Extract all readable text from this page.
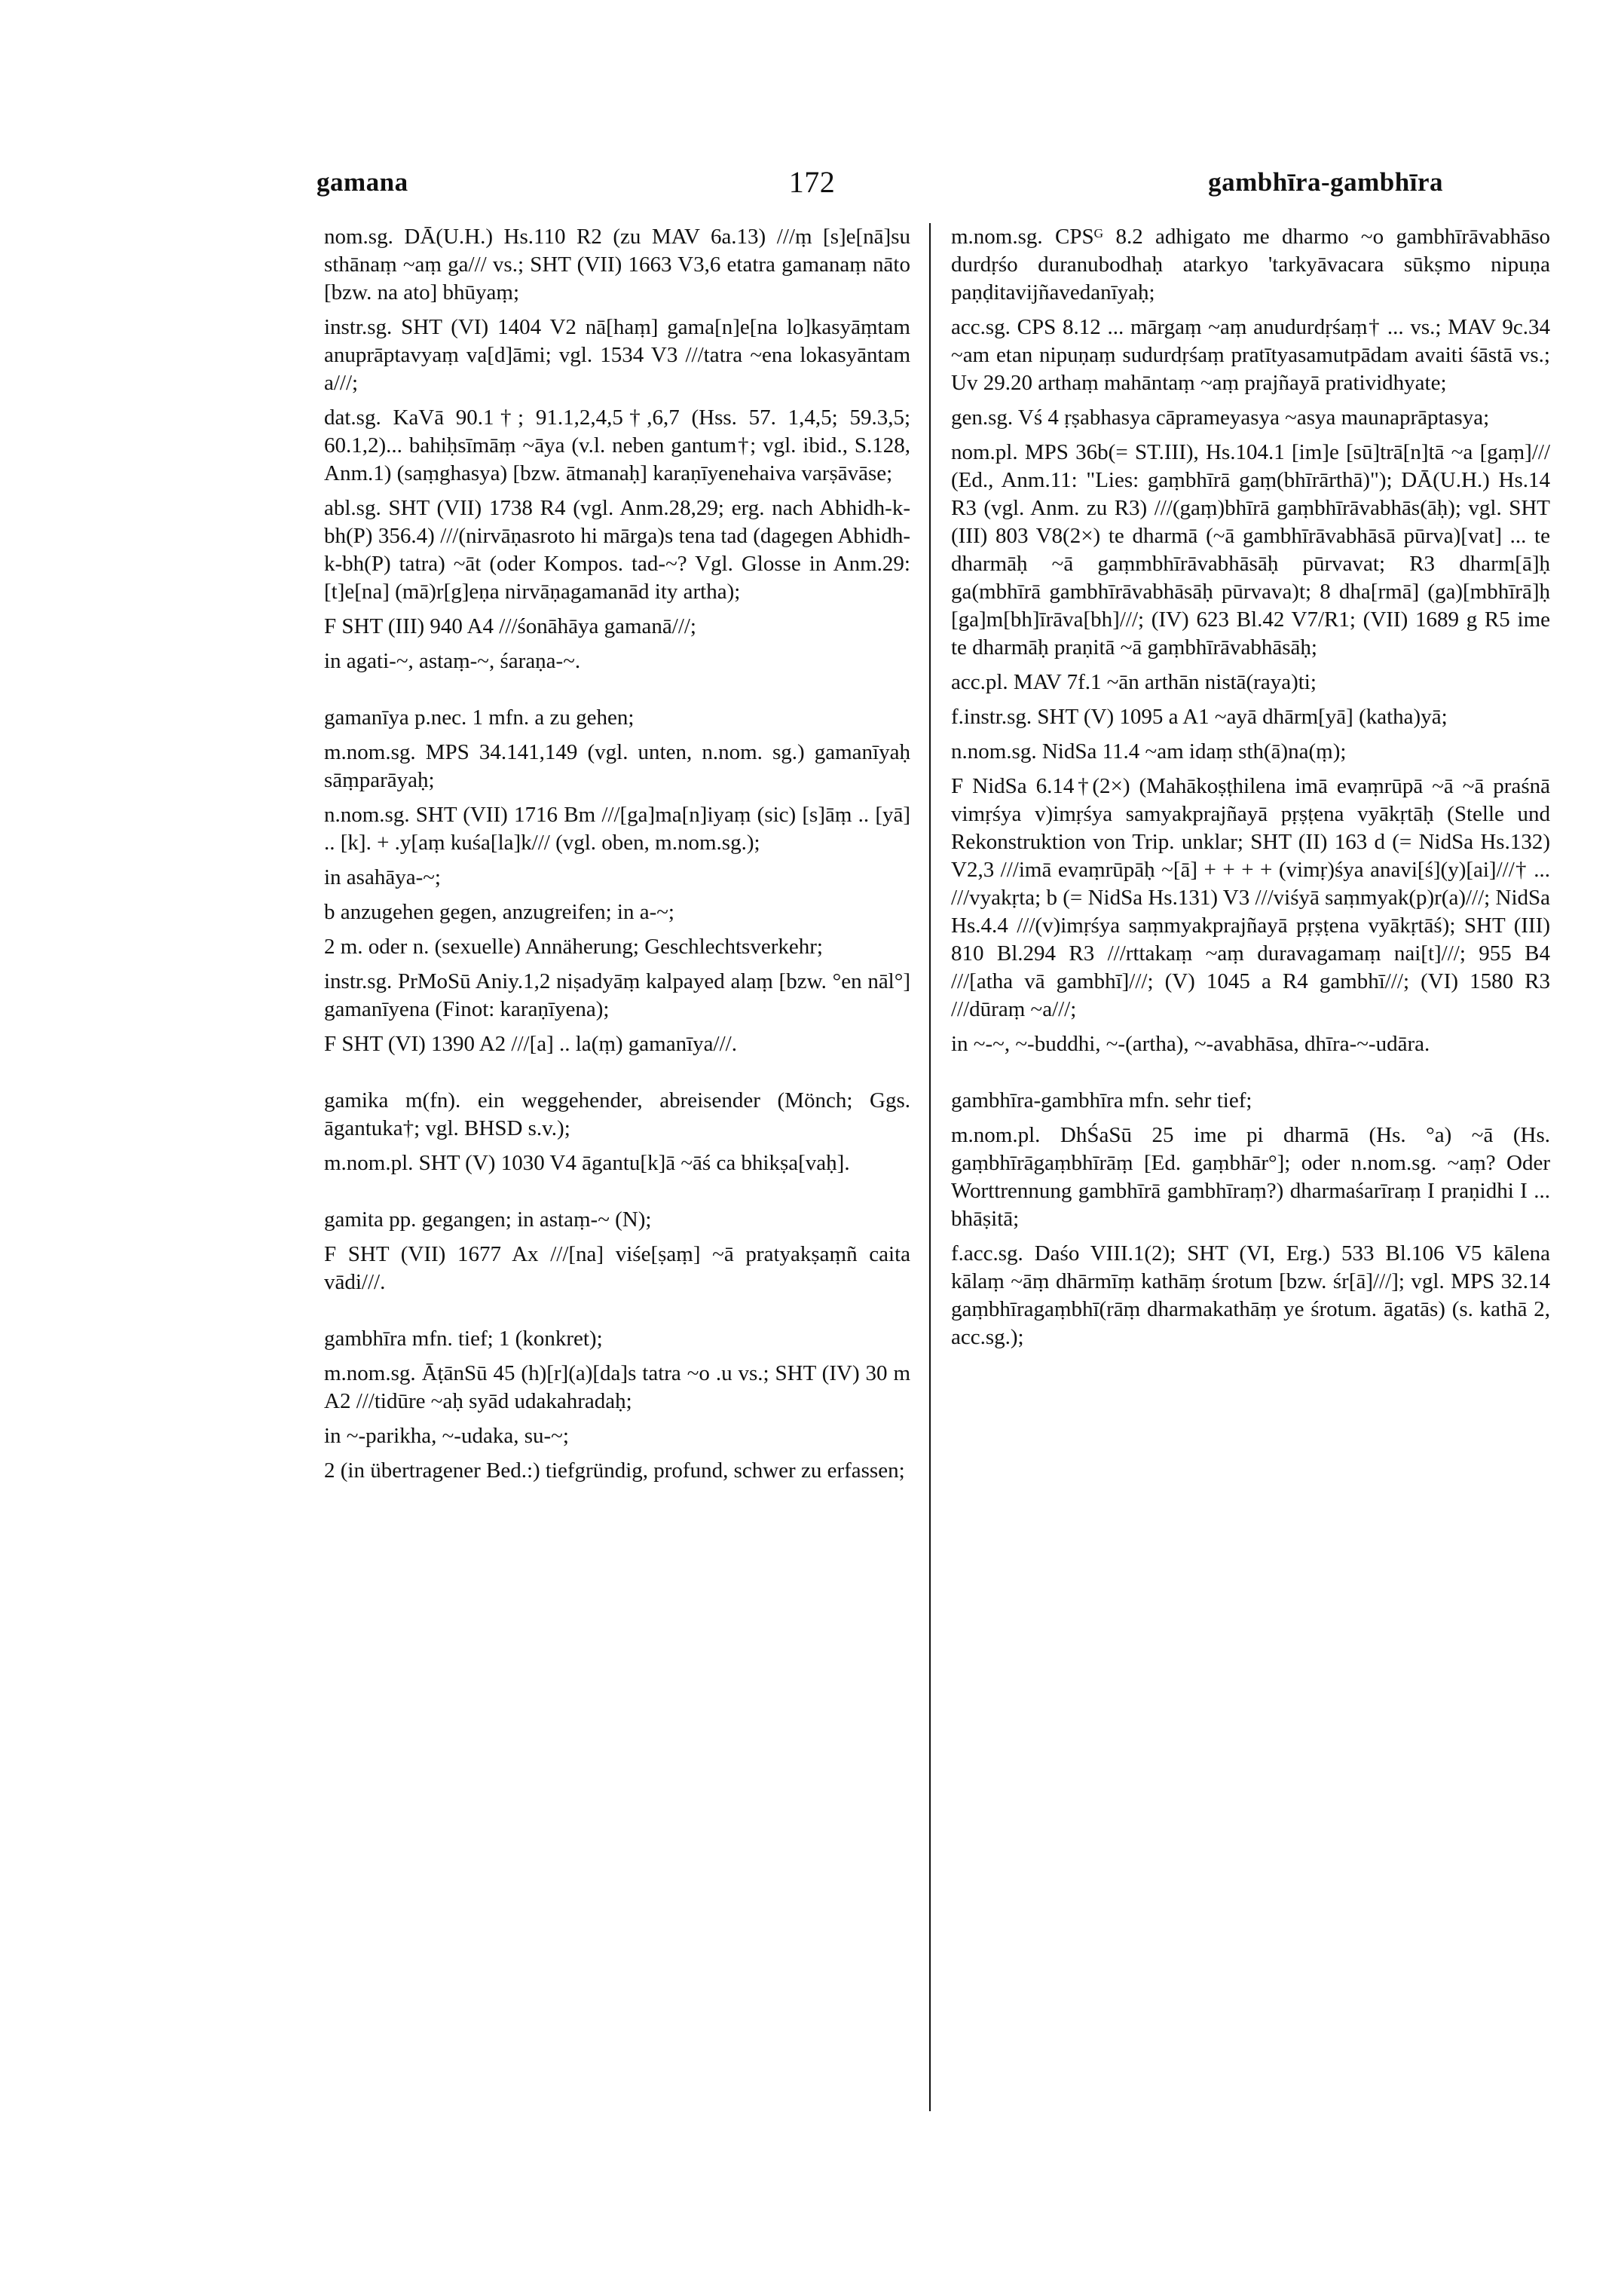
gamana	172	gambhīra-gambhīra

nom.sg. DĀ(U.H.) Hs.110 R2 (zu MAV 6a.13) ///ṃ [s]e[nā]su sthānaṃ ~aṃ ga/// vs.; SHT (VII) 1663 V3,6 etatra gamanaṃ nāto [bzw. na ato] bhūyaṃ;

instr.sg. SHT (VI) 1404 V2 nā[haṃ] gama[n]e[na lo]kasyāṃtam anuprāptavyaṃ va[d]āmi; vgl. 1534 V3 ///tatra ~ena lokasyāntam a///;

dat.sg. KaVā 90.1†; 91.1,2,4,5†,6,7 (Hss. 57. 1,4,5; 59.3,5; 60.1,2)... bahiḥsīmāṃ ~āya (v.l. neben gantum†; vgl. ibid., S.128, Anm.1) (saṃghasya) [bzw. ātmanaḥ] karaṇīyenehaiva varṣāvāse;

abl.sg. SHT (VII) 1738 R4 (vgl. Anm.28,29; erg. nach Abhidh-k-bh(P) 356.4) ///(nirvāṇasroto hi mārga)s tena tad (dagegen Abhidh-k-bh(P) tatra) ~āt (oder Kompos. tad-~? Vgl. Glosse in Anm.29: [t]e[na] (mā)r[g]eṇa nirvāṇagamanād ity artha);

F SHT (III) 940 A4 ///śonāhāya gamanā///;

in agati-~, astaṃ-~, śaraṇa-~.

gamanīya p.nec. 1 mfn. a zu gehen;

m.nom.sg. MPS 34.141,149 (vgl. unten, n.nom. sg.) gamanīyaḥ sāṃparāyaḥ;

n.nom.sg. SHT (VII) 1716 Bm ///[ga]ma[n]iyaṃ (sic) [s]āṃ .. [yā] .. [k]. + .y[aṃ kuśa[la]k/// (vgl. oben, m.nom.sg.);

in asahāya-~;

b anzugehen gegen, anzugreifen; in a-~;

2 m. oder n. (sexuelle) Annäherung; Geschlechtsverkehr;

instr.sg. PrMoSū Aniy.1,2 niṣadyāṃ kalpayed alaṃ [bzw. °en nāl°] gamanīyena (Finot: karaṇīyena);

F SHT (VI) 1390 A2 ///[a] .. la(ṃ) gamanīya///.

gamika m(fn). ein weggehender, abreisender (Mönch; Ggs. āgantuka†; vgl. BHSD s.v.);

m.nom.pl. SHT (V) 1030 V4 āgantu[k]ā ~āś ca bhikṣa[vaḥ].

gamita pp. gegangen; in astaṃ-~ (N);

F SHT (VII) 1677 Ax ///[na] viśe[ṣaṃ] ~ā pratyakṣaṃñ caita vādi///.

gambhīra mfn. tief; 1 (konkret);

m.nom.sg. ĀṭānSū 45 (h)[r](a)[da]s tatra ~o .u vs.; SHT (IV) 30 m A2 ///tidūre ~aḥ syād udakahradaḥ;

in ~-parikha, ~-udaka, su-~;

2 (in übertragener Bed.:) tiefgründig, profund, schwer zu erfassen;

m.nom.sg. CPSᴳ 8.2 adhigato me dharmo ~o gambhīrāvabhāso durdṛśo duranubodhaḥ atarkyo 'tarkyāvacara sūkṣmo nipuṇa paṇḍitavijñavedanīyaḥ;

acc.sg. CPS 8.12 ... mārgaṃ ~aṃ anudurdṛśaṃ† ... vs.; MAV 9c.34 ~am etan nipuṇaṃ sudurdṛśaṃ pratītyasamutpādam avaiti śāstā vs.; Uv 29.20 arthaṃ mahāntaṃ ~aṃ prajñayā pratividhyate;

gen.sg. Vś 4 ṛṣabhasya cāprameyasya ~asya maunaprāptasya;

nom.pl. MPS 36b(= ST.III), Hs.104.1 [im]e [sū]trā[n]tā ~a [gaṃ]/// (Ed., Anm.11: "Lies: gaṃbhīrā gaṃ(bhīrārthā)"); DĀ(U.H.) Hs.14 R3 (vgl. Anm. zu R3) ///(gaṃ)bhīrā gaṃbhīrāvabhās(āḥ); vgl. SHT (III) 803 V8(2×) te dharmā (~ā gambhīrāvabhāsā pūrva)[vat] ... te dharmāḥ ~ā gaṃmbhīrāvabhāsāḥ pūrvavat; R3 dharm[ā]ḥ ga(mbhīrā gambhīrāvabhāsāḥ pūrvava)t; 8 dha[rmā] (ga)[mbhīrā]ḥ [ga]m[bh]īrāva[bh]///; (IV) 623 Bl.42 V7/R1; (VII) 1689 g R5 ime te dharmāḥ praṇitā ~ā gaṃbhīrāvabhāsāḥ;

acc.pl. MAV 7f.1 ~ān arthān nistā(raya)ti;

f.instr.sg. SHT (V) 1095 a A1 ~ayā dhārm[yā] (katha)yā;

n.nom.sg. NidSa 11.4 ~am idaṃ sth(ā)na(ṃ);

F NidSa 6.14†(2×) (Mahākoṣṭhilena imā evaṃrūpā ~ā ~ā praśnā vimṛśya v)imṛśya samyakprajñayā pṛṣṭena vyākṛtāḥ (Stelle und Rekonstruktion von Trip. unklar; SHT (II) 163 d (= NidSa Hs.132) V2,3 ///imā evaṃrūpāḥ ~[ā] + + + + (vimṛ)śya anavi[ś](y)[ai]///† ... ///vyakṛta; b (= NidSa Hs.131) V3 ///viśyā saṃmyak(p)r(a)///; NidSa Hs.4.4 ///(v)imṛśya saṃmyakprajñayā pṛṣṭena vyākṛtāś); SHT (III) 810 Bl.294 R3 ///rttakaṃ ~aṃ duravagamaṃ nai[t]///; 955 B4 ///[atha vā gambhī]///; (V) 1045 a R4 gambhī///; (VI) 1580 R3 ///dūraṃ ~a///;

in ~-~, ~-buddhi, ~-(artha), ~-avabhāsa, dhīra-~-udāra.

gambhīra-gambhīra mfn. sehr tief;

m.nom.pl. DhŚaSū 25 ime pi dharmā (Hs. °a) ~ā (Hs. gaṃbhīrāgaṃbhīrāṃ [Ed. gaṃbhār°]; oder n.nom.sg. ~aṃ? Oder Worttrennung gambhīrā gambhīraṃ?) dharmaśarīraṃ I praṇidhi I ... bhāṣitā;

f.acc.sg. Daśo VIII.1(2); SHT (VI, Erg.) 533 Bl.106 V5 kālena kālaṃ ~āṃ dhārmīṃ kathāṃ śrotum [bzw. śr[ā]///]; vgl. MPS 32.14 gaṃbhīragaṃbhī(rāṃ dharmakathāṃ ye śrotum. āgatās) (s. kathā 2, acc.sg.);
